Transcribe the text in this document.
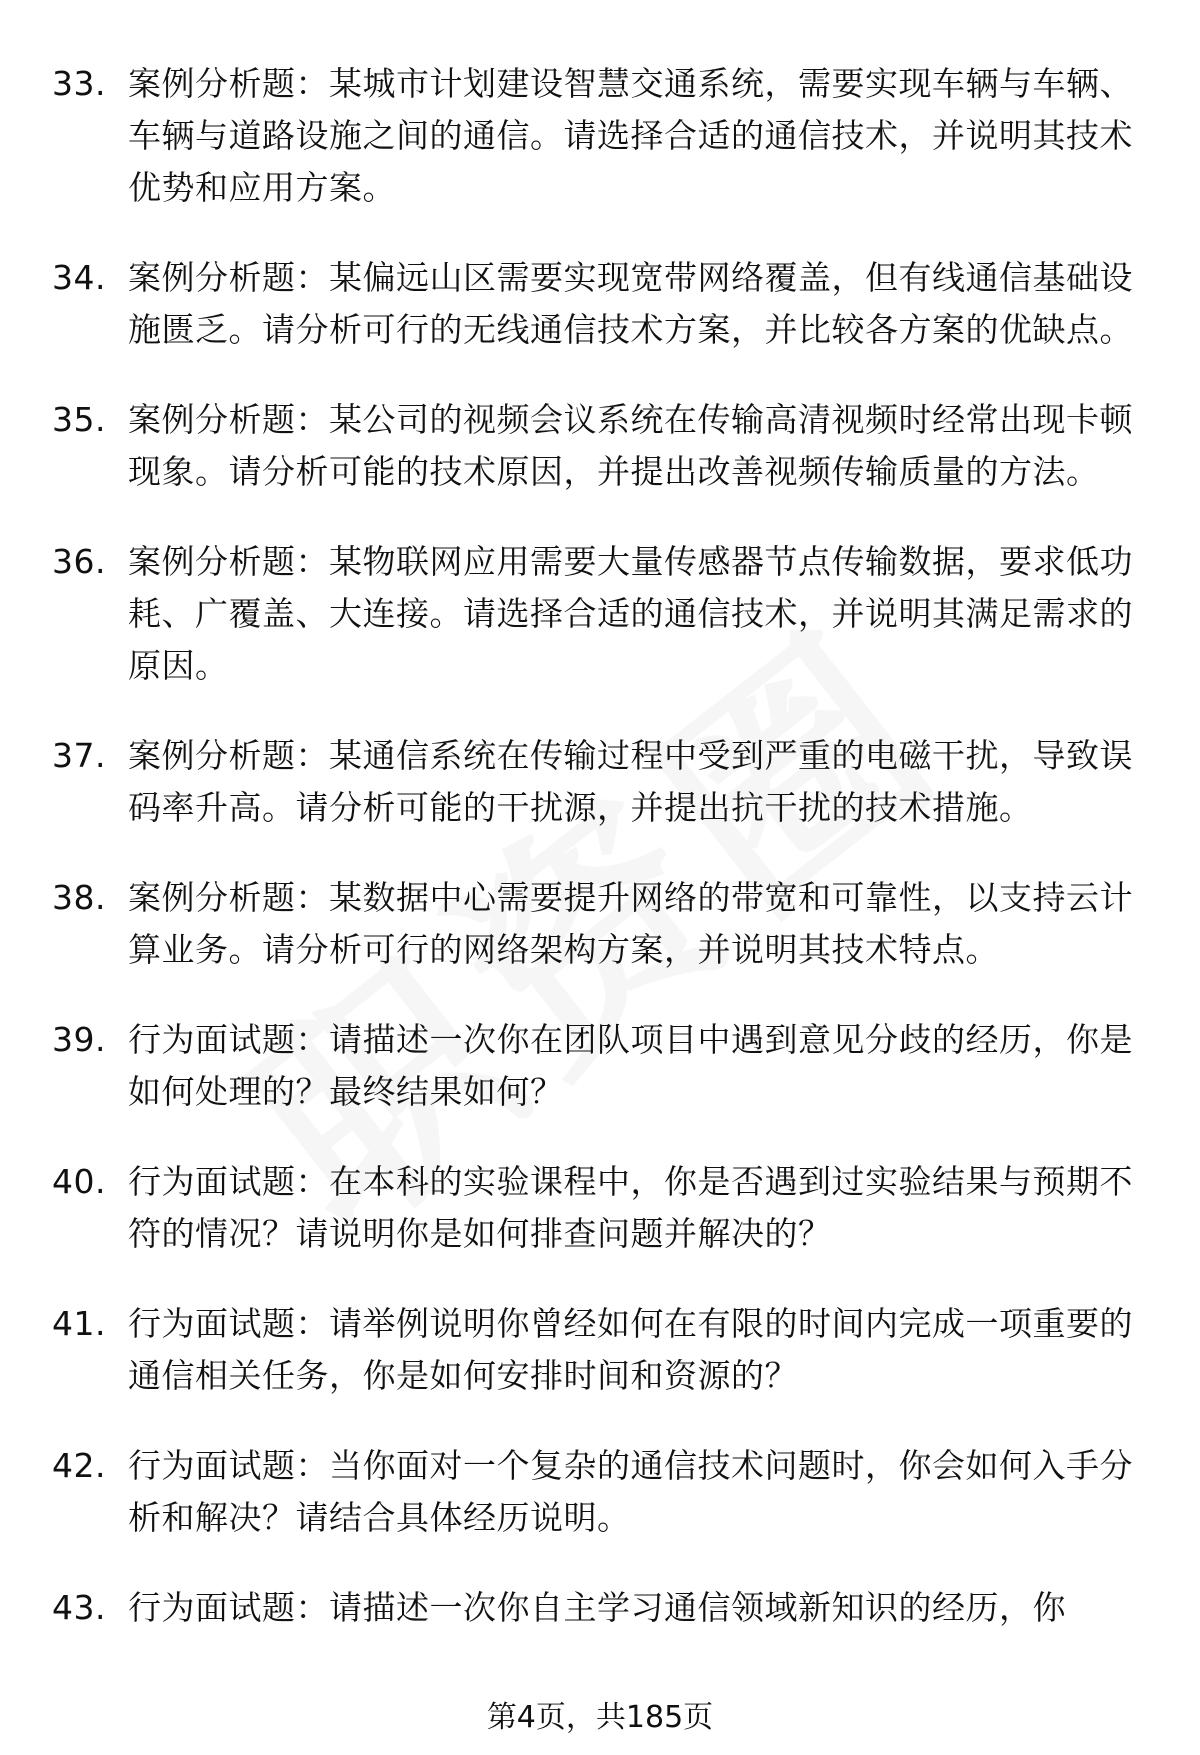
33. 案例分析题：某城市计划建设智慧交通系统，需要实现车辆与车辆、车辆与道路设施之间的通信。请选择合适的通信技术，并说明其技术优势和应用方案。
34. 案例分析题：某偏远山区需要实现宽带网络覆盖，但有线通信基础设施匮乏。请分析可行的无线通信技术方案，并比较各方案的优缺点。
35. 案例分析题：某公司的视频会议系统在传输高清视频时经常出现卡顿现象。请分析可能的技术原因，并提出改善视频传输质量的方法。
36. 案例分析题：某物联网应用需要大量传感器节点传输数据，要求低功耗、广覆盖、大连接。请选择合适的通信技术，并说明其满足需求的原因。
37. 案例分析题：某通信系统在传输过程中受到严重的电磁干扰，导致误码率升高。请分析可能的干扰源，并提出抗干扰的技术措施。
38. 案例分析题：某数据中心需要提升网络的带宽和可靠性，以支持云计算业务。请分析可行的网络架构方案，并说明其技术特点。
39. 行为面试题：请描述一次你在团队项目中遇到意见分歧的经历，你是如何处理的？最终结果如何？
40. 行为面试题：在本科的实验课程中，你是否遇到过实验结果与预期不符的情况？请说明你是如何排查问题并解决的？
41. 行为面试题：请举例说明你曾经如何在有限的时间内完成一项重要的通信相关任务，你是如何安排时间和资源的？
42. 行为面试题：当你面对一个复杂的通信技术问题时，你会如何入手分析和解决？请结合具体经历说明。
43. 行为面试题：请描述一次你自主学习通信领域新知识的经历，你
第4页，共185页
